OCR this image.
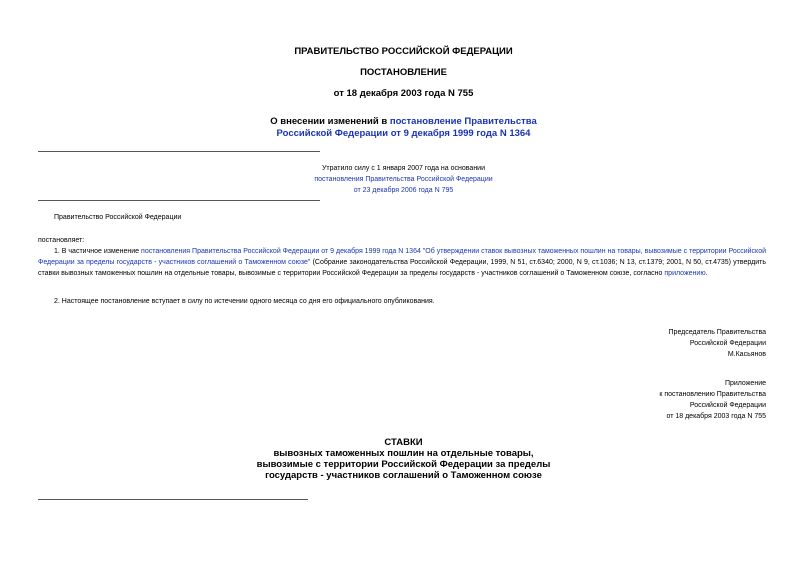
ПРАВИТЕЛЬСТВО РОССИЙСКОЙ ФЕДЕРАЦИИ
ПОСТАНОВЛЕНИЕ
от 18 декабря 2003 года N 755
О внесении изменений в постановление Правительства
Российской Федерации от 9 декабря 1999 года N 1364
Утратило силу с 1 января 2007 года на основании
постановления Правительства Российской Федерации
от 23 декабря 2006 года N 795
Правительство Российской Федерации
постановляет:
1. В частичное изменение постановления Правительства Российской Федерации от 9 декабря 1999 года N 1364 "Об утверждении ставок вывозных таможенных пошлин на товары, вывозимые с территории Российской Федерации за пределы государств - участников соглашений о Таможенном союзе" (Собрание законодательства Российской Федерации, 1999, N 51, ст.6340; 2000, N 9, ст.1036; N 13, ст.1379; 2001, N 50, ст.4735) утвердить ставки вывозных таможенных пошлин на отдельные товары, вывозимые с территории Российской Федерации за пределы государств - участников соглашений о Таможенном союзе, согласно приложению.
2. Настоящее постановление вступает в силу по истечении одного месяца со дня его официального опубликования.
Председатель Правительства
Российской Федерации
М.Касьянов
Приложение
к постановлению Правительства
Российской Федерации
от 18 декабря 2003 года N 755
СТАВКИ
вывозных таможенных пошлин на отдельные товары,
вывозимые с территории Российской Федерации за пределы
государств - участников соглашений о Таможенном союзе
